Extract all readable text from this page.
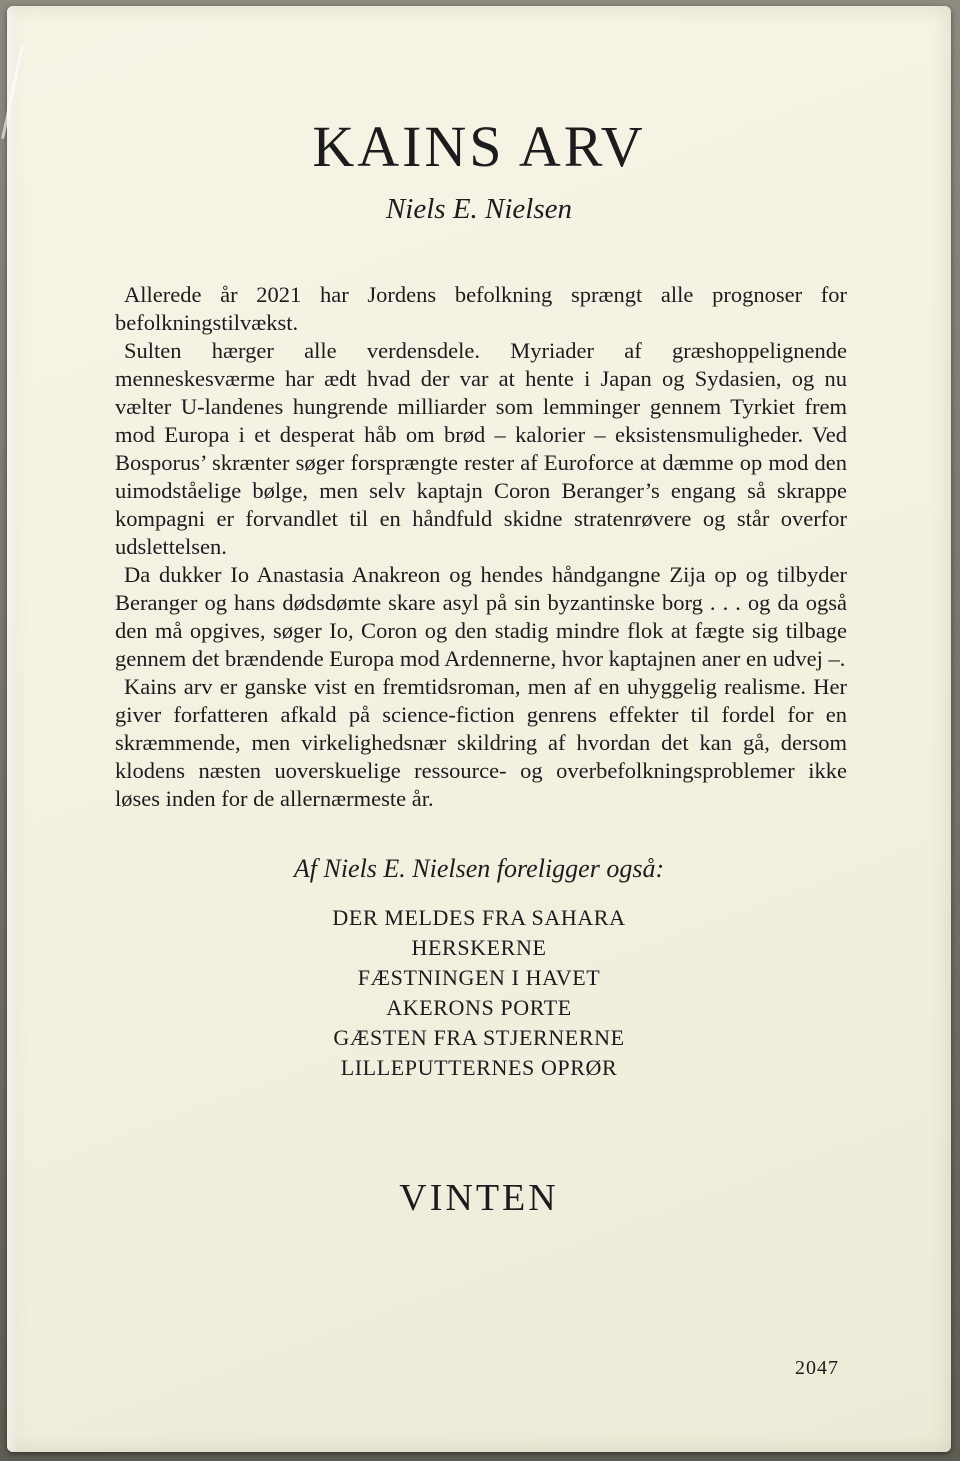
KAINS ARV
Niels E. Nielsen

Allerede år 2021 har Jordens befolkning sprængt alle prognoser for befolkningstilvækst.

Sulten hærger alle verdensdele. Myriader af græshoppelignende menneskesværme har ædt hvad der var at hente i Japan og Sydasien, og nu vælter U-landenes hungrende milliarder som lemminger gennem Tyrkiet frem mod Europa i et desperat håb om brød – kalorier – eksistensmuligheder. Ved Bosporus’ skrænter søger forsprængte rester af Euroforce at dæmme op mod den uimodståelige bølge, men selv kaptajn Coron Beranger’s engang så skrappe kompagni er forvandlet til en håndfuld skidne stratenrøvere og står overfor udslettelsen.

Da dukker Io Anastasia Anakreon og hendes håndgangne Zija op og tilbyder Beranger og hans dødsdømte skare asyl på sin byzantinske borg . . . og da også den må opgives, søger Io, Coron og den stadig mindre flok at fægte sig tilbage gennem det brændende Europa mod Ardennerne, hvor kaptajnen aner en udvej –.

Kains arv er ganske vist en fremtidsroman, men af en uhyggelig realisme. Her giver forfatteren afkald på science-fiction genrens effekter til fordel for en skræmmende, men virkelighedsnær skildring af hvordan det kan gå, dersom klodens næsten uoverskuelige ressource- og overbefolkningsproblemer ikke løses inden for de allernærmeste år.

Af Niels E. Nielsen foreligger også:
DER MELDES FRA SAHARA
HERSKERNE
FÆSTNINGEN I HAVET
AKERONS PORTE
GÆSTEN FRA STJERNERNE
LILLEPUTTERNES OPRØR
VINTEN
2047
